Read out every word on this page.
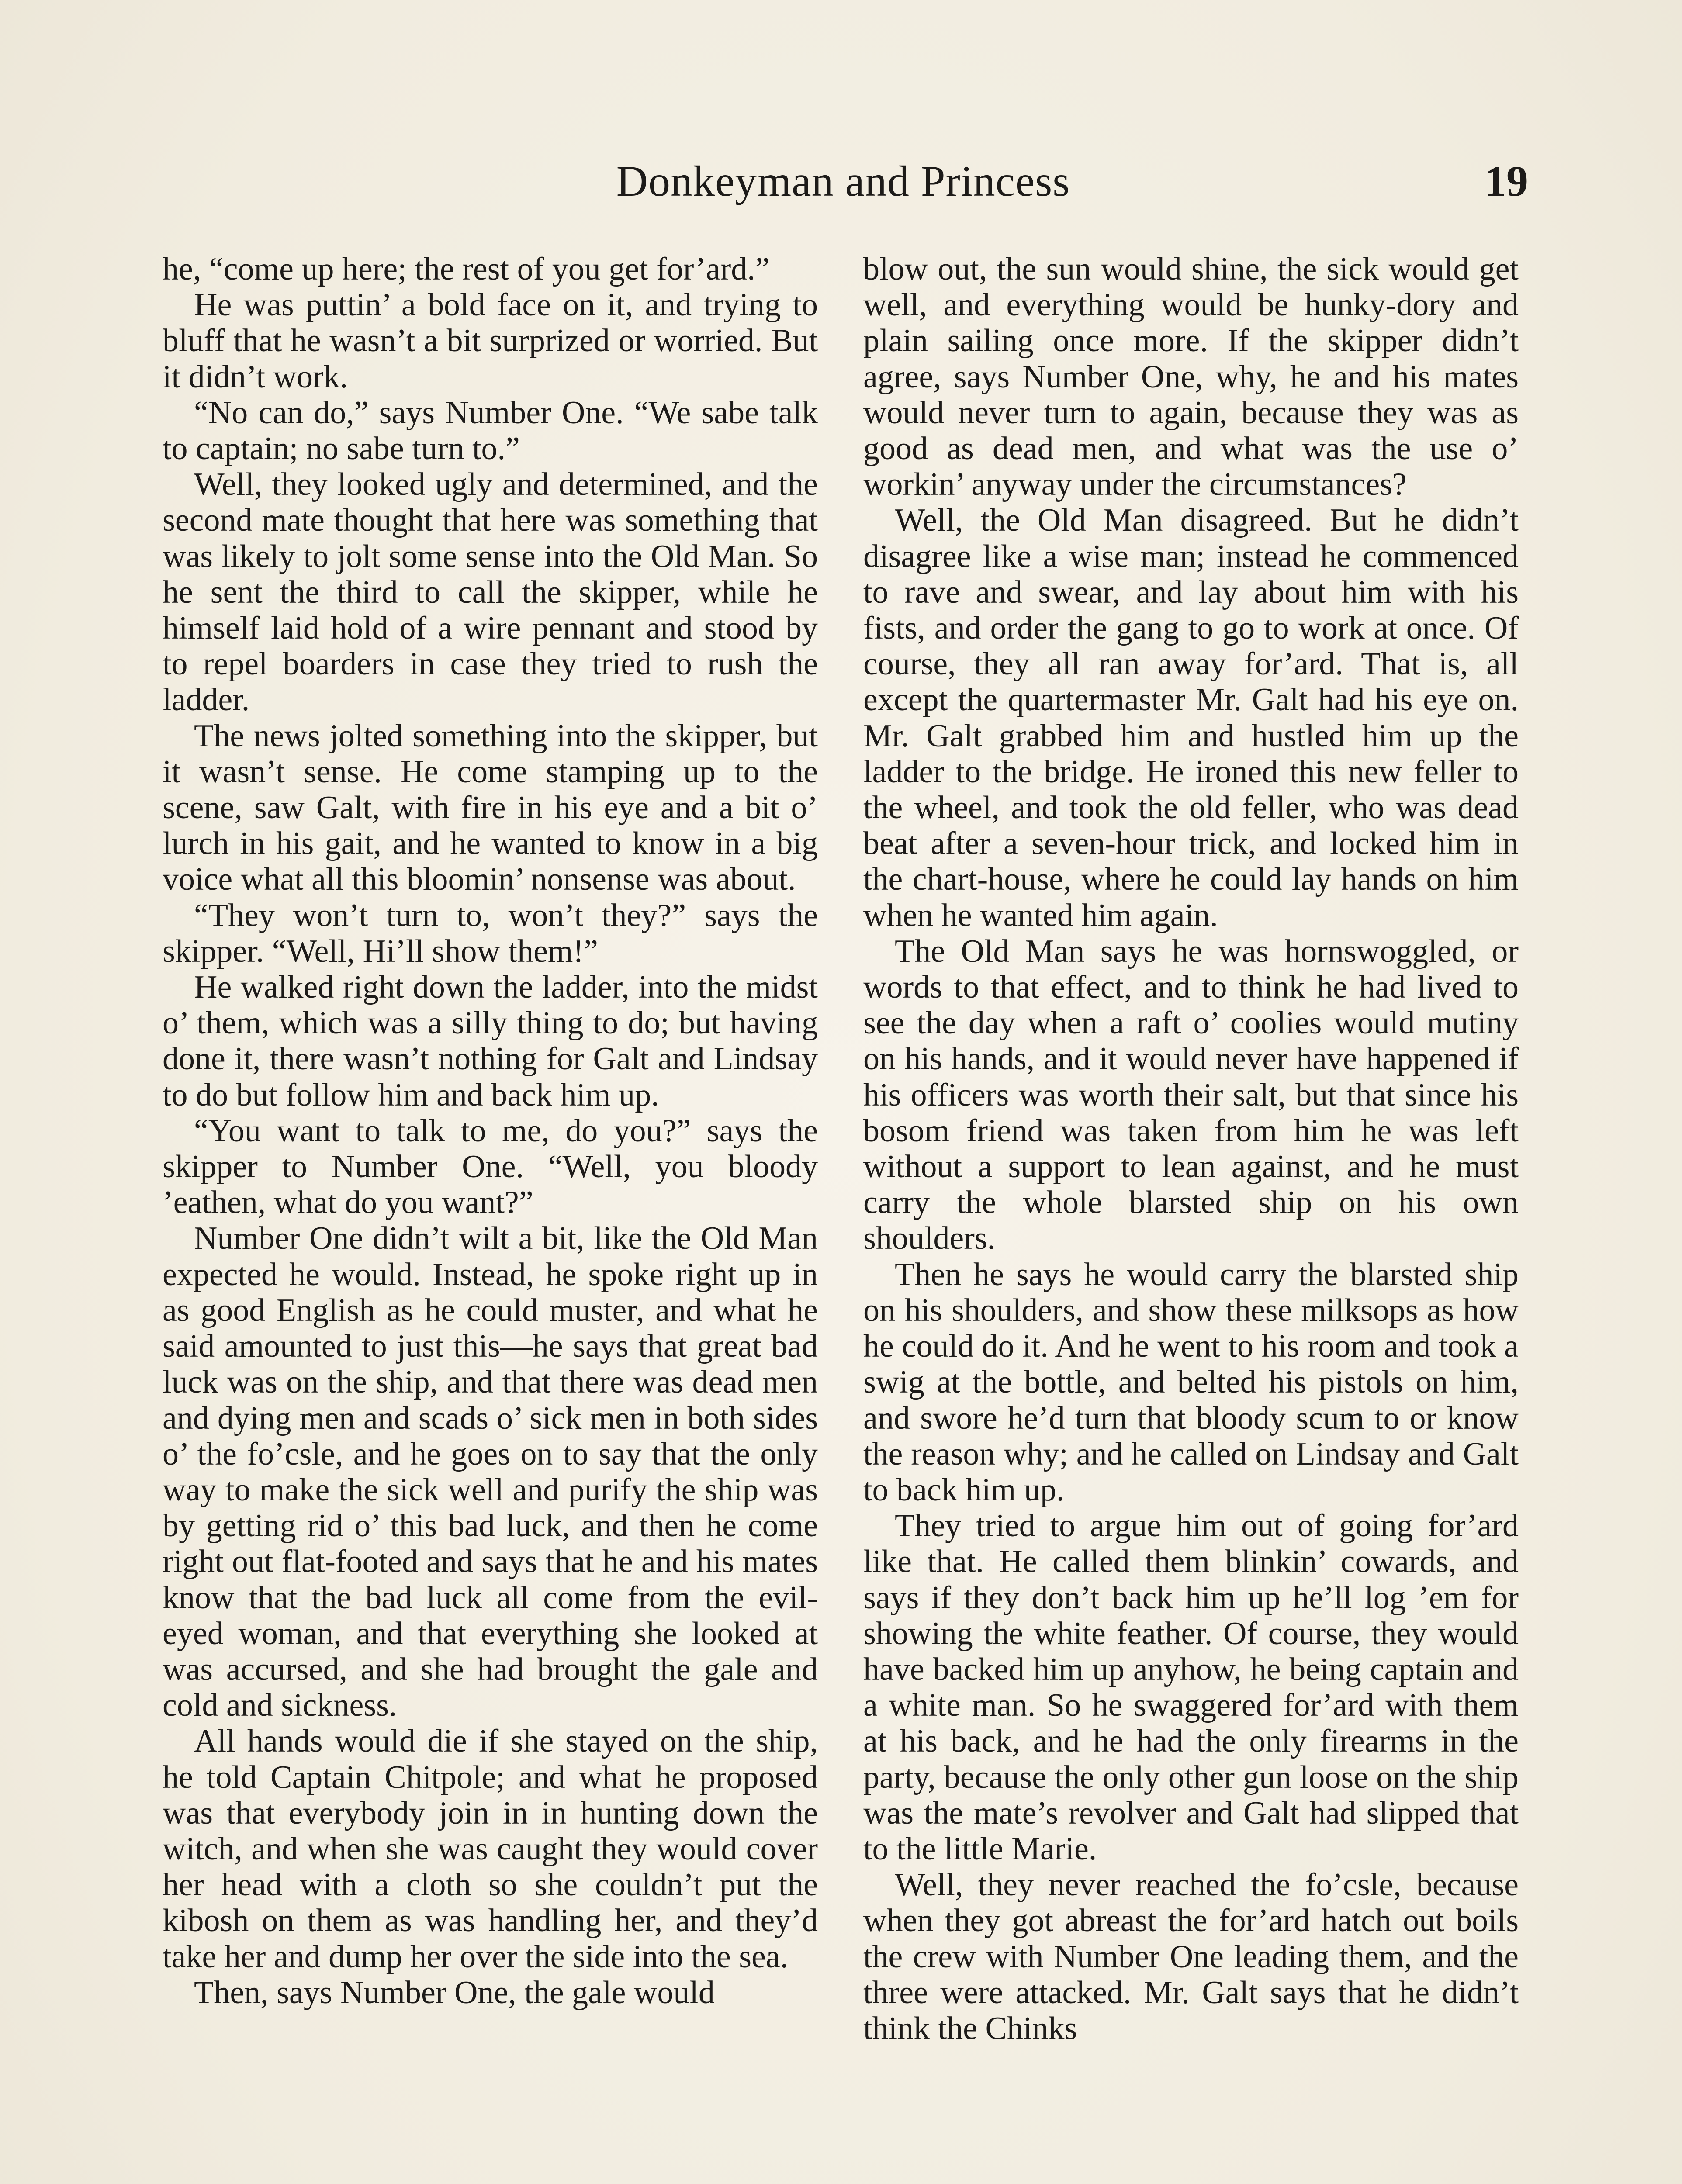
Donkeyman and Princess	19

he, “come up here; the rest of you get for’ard.”

He was puttin’ a bold face on it, and trying to bluff that he wasn’t a bit surprized or worried. But it didn’t work.

“No can do,” says Number One. “We sabe talk to captain; no sabe turn to.”

Well, they looked ugly and determined, and the second mate thought that here was something that was likely to jolt some sense into the Old Man. So he sent the third to call the skipper, while he himself laid hold of a wire pennant and stood by to repel boarders in case they tried to rush the ladder.

The news jolted something into the skipper, but it wasn’t sense. He come stamping up to the scene, saw Galt, with fire in his eye and a bit o’ lurch in his gait, and he wanted to know in a big voice what all this bloomin’ nonsense was about.

“They won’t turn to, won’t they?” says the skipper. “Well, Hi’ll show them!”

He walked right down the ladder, into the midst o’ them, which was a silly thing to do; but having done it, there wasn’t nothing for Galt and Lindsay to do but follow him and back him up.

“You want to talk to me, do you?” says the skipper to Number One. “Well, you bloody ’eathen, what do you want?”

Number One didn’t wilt a bit, like the Old Man expected he would. Instead, he spoke right up in as good English as he could muster, and what he said amounted to just this—he says that great bad luck was on the ship, and that there was dead men and dying men and scads o’ sick men in both sides o’ the fo’csle, and he goes on to say that the only way to make the sick well and purify the ship was by getting rid o’ this bad luck, and then he come right out flat-footed and says that he and his mates know that the bad luck all come from the evil-eyed woman, and that everything she looked at was accursed, and she had brought the gale and cold and sickness.

All hands would die if she stayed on the ship, he told Captain Chitpole; and what he proposed was that everybody join in in hunting down the witch, and when she was caught they would cover her head with a cloth so she couldn’t put the kibosh on them as was handling her, and they’d take her and dump her over the side into the sea.

Then, says Number One, the gale would

blow out, the sun would shine, the sick would get well, and everything would be hunky-dory and plain sailing once more. If the skipper didn’t agree, says Number One, why, he and his mates would never turn to again, because they was as good as dead men, and what was the use o’ workin’ anyway under the circumstances?

Well, the Old Man disagreed. But he didn’t disagree like a wise man; instead he commenced to rave and swear, and lay about him with his fists, and order the gang to go to work at once. Of course, they all ran away for’ard. That is, all except the quartermaster Mr. Galt had his eye on. Mr. Galt grabbed him and hustled him up the ladder to the bridge. He ironed this new feller to the wheel, and took the old feller, who was dead beat after a seven-hour trick, and locked him in the chart-house, where he could lay hands on him when he wanted him again.

The Old Man says he was hornswoggled, or words to that effect, and to think he had lived to see the day when a raft o’ coolies would mutiny on his hands, and it would never have happened if his officers was worth their salt, but that since his bosom friend was taken from him he was left without a support to lean against, and he must carry the whole blarsted ship on his own shoulders.

Then he says he would carry the blarsted ship on his shoulders, and show these milksops as how he could do it. And he went to his room and took a swig at the bottle, and belted his pistols on him, and swore he’d turn that bloody scum to or know the reason why; and he called on Lindsay and Galt to back him up.

They tried to argue him out of going for’ard like that. He called them blinkin’ cowards, and says if they don’t back him up he’ll log ’em for showing the white feather. Of course, they would have backed him up anyhow, he being captain and a white man. So he swaggered for’ard with them at his back, and he had the only firearms in the party, because the only other gun loose on the ship was the mate’s revolver and Galt had slipped that to the little Marie.

Well, they never reached the fo’csle, because when they got abreast the for’ard hatch out boils the crew with Number One leading them, and the three were attacked. Mr. Galt says that he didn’t think the Chinks
